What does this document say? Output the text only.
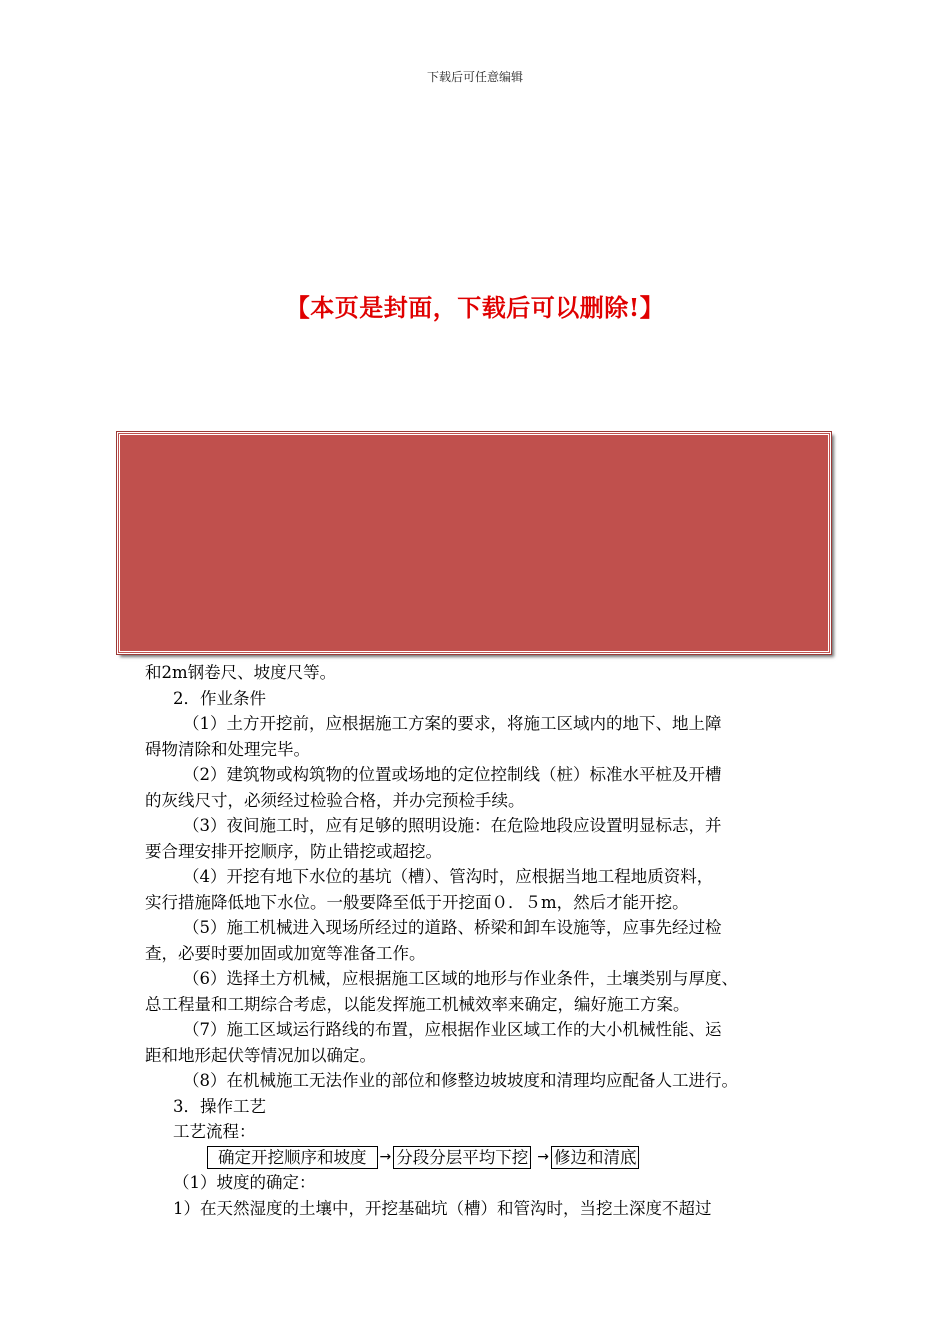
下载后可任意编辑
【本页是封面，下载后可以删除!】
和2m钢卷尺、坡度尺等。
2．作业条件
（1）土方开挖前，应根据施工方案的要求，将施工区域内的地下、地上障
碍物清除和处理完毕。
（2）建筑物或构筑物的位置或场地的定位控制线（桩）标准水平桩及开槽
的灰线尺寸，必须经过检验合格，并办完预检手续。
（3）夜间施工时，应有足够的照明设施：在危险地段应设置明显标志，并
要合理安排开挖顺序，防止错挖或超挖。
（4）开挖有地下水位的基坑（槽）、管沟时，应根据当地工程地质资料，
实行措施降低地下水位。一般要降至低于开挖面０．５m，然后才能开挖。
（5）施工机械进入现场所经过的道路、桥梁和卸车设施等，应事先经过检
查，必要时要加固或加宽等准备工作。
（6）选择土方机械，应根据施工区域的地形与作业条件，土壤类别与厚度、
总工程量和工期综合考虑，以能发挥施工机械效率来确定，编好施工方案。
（7）施工区域运行路线的布置，应根据作业区域工作的大小机械性能、运
距和地形起伏等情况加以确定。
（8）在机械施工无法作业的部位和修整边坡坡度和清理均应配备人工进行。
3．操作工艺
工艺流程：
确定开挖顺序和坡度 → 分段分层平均下挖 → 修边和清底
（1）坡度的确定：
1）在天然湿度的土壤中，开挖基础坑（槽）和管沟时，当挖土深度不超过
